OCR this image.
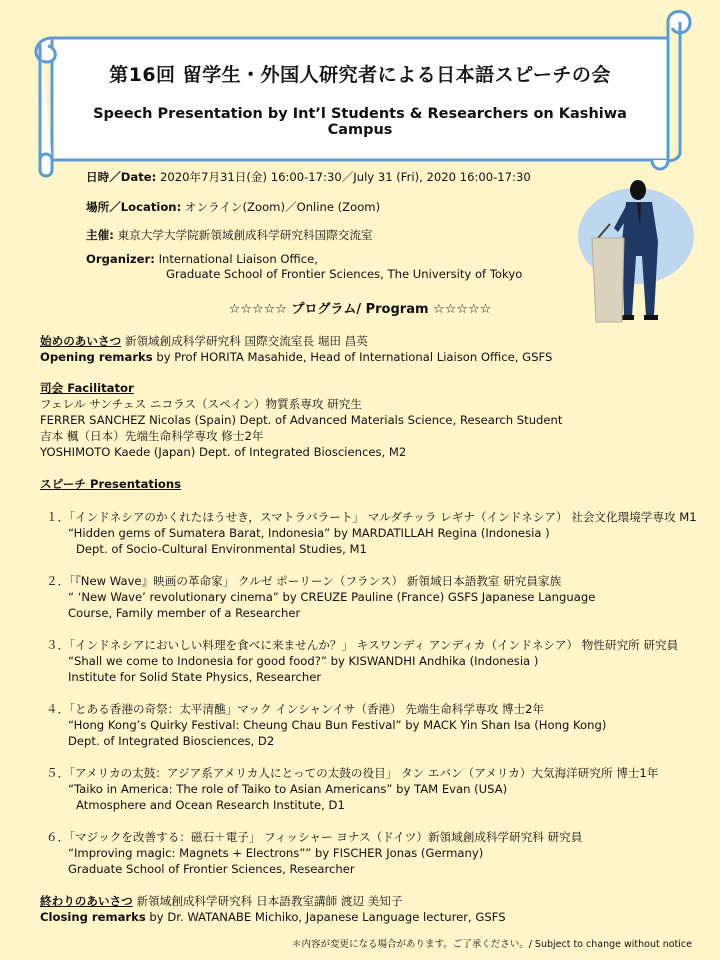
第16回 留学生・外国人研究者による日本語スピーチの会
Speech Presentation by Int’l Students & Researchers on Kashiwa Campus
日時／Date: 2020年7月31日(金) 16:00-17:30／July 31 (Fri), 2020 16:00-17:30
場所／Location: オンライン(Zoom)／Online (Zoom)
主催: 東京大学大学院新領域創成科学研究科国際交流室
Organizer: International Liaison Office,
Graduate School of Frontier Sciences, The University of Tokyo
☆☆☆☆☆ プログラム/ Program ☆☆☆☆☆
始めのあいさつ 新領域創成科学研究科 国際交流室長 堀田 昌英
Opening remarks by Prof HORITA Masahide, Head of International Liaison Office, GSFS
司会 Facilitator
フェレル サンチェス ニコラス（スペイン）物質系専攻 研究生
FERRER SANCHEZ Nicolas (Spain) Dept. of Advanced Materials Science, Research Student
吉本 楓（日本）先端生命科学専攻 修士2年
YOSHIMOTO Kaede (Japan) Dept. of Integrated Biosciences, M2
スピーチ Presentations
１．「インドネシアのかくれたほうせき，スマトラバラート」 マルダチッラ レギナ（インドネシア） 社会文化環境学専攻 M1
“Hidden gems of Sumatera Barat, Indonesia” by MARDATILLAH Regina (Indonesia )
Dept. of Socio-Cultural Environmental Studies, M1
２．「『New Wave』映画の革命家」 クルゼ ポーリーン（フランス） 新領域日本語教室 研究員家族
“ ‘New Wave’ revolutionary cinema” by CREUZE Pauline (France) GSFS Japanese Language
Course, Family member of a Researcher
３．「インドネシアにおいしい料理を食べに来ませんか？」 キスワンディ アンディカ（インドネシア） 物性研究所 研究員
“Shall we come to Indonesia for good food?” by KISWANDHI Andhika (Indonesia )
Institute for Solid State Physics, Researcher
４．「とある香港の奇祭：太平清醮」マック インシャンイサ（香港） 先端生命科学専攻 博士2年
“Hong Kong’s Quirky Festival: Cheung Chau Bun Festival” by MACK Yin Shan Isa (Hong Kong)
Dept. of Integrated Biosciences, D2
５．「アメリカの太鼓：アジア系アメリカ人にとっての太鼓の役目」 タン エバン（アメリカ）大気海洋研究所 博士1年
“Taiko in America: The role of Taiko to Asian Americans” by TAM Evan (USA)
Atmosphere and Ocean Research Institute, D1
６．「マジックを改善する：磁石＋電子」 フィッシャー ヨナス（ドイツ）新領域創成科学研究科 研究員
“Improving magic: Magnets + Electrons”” by FISCHER Jonas (Germany)
Graduate School of Frontier Sciences, Researcher
終わりのあいさつ 新領域創成科学研究科 日本語教室講師 渡辺 美知子
Closing remarks by Dr. WATANABE Michiko, Japanese Language lecturer, GSFS
＊内容が変更になる場合があります。ご了承ください。/ Subject to change without notice
